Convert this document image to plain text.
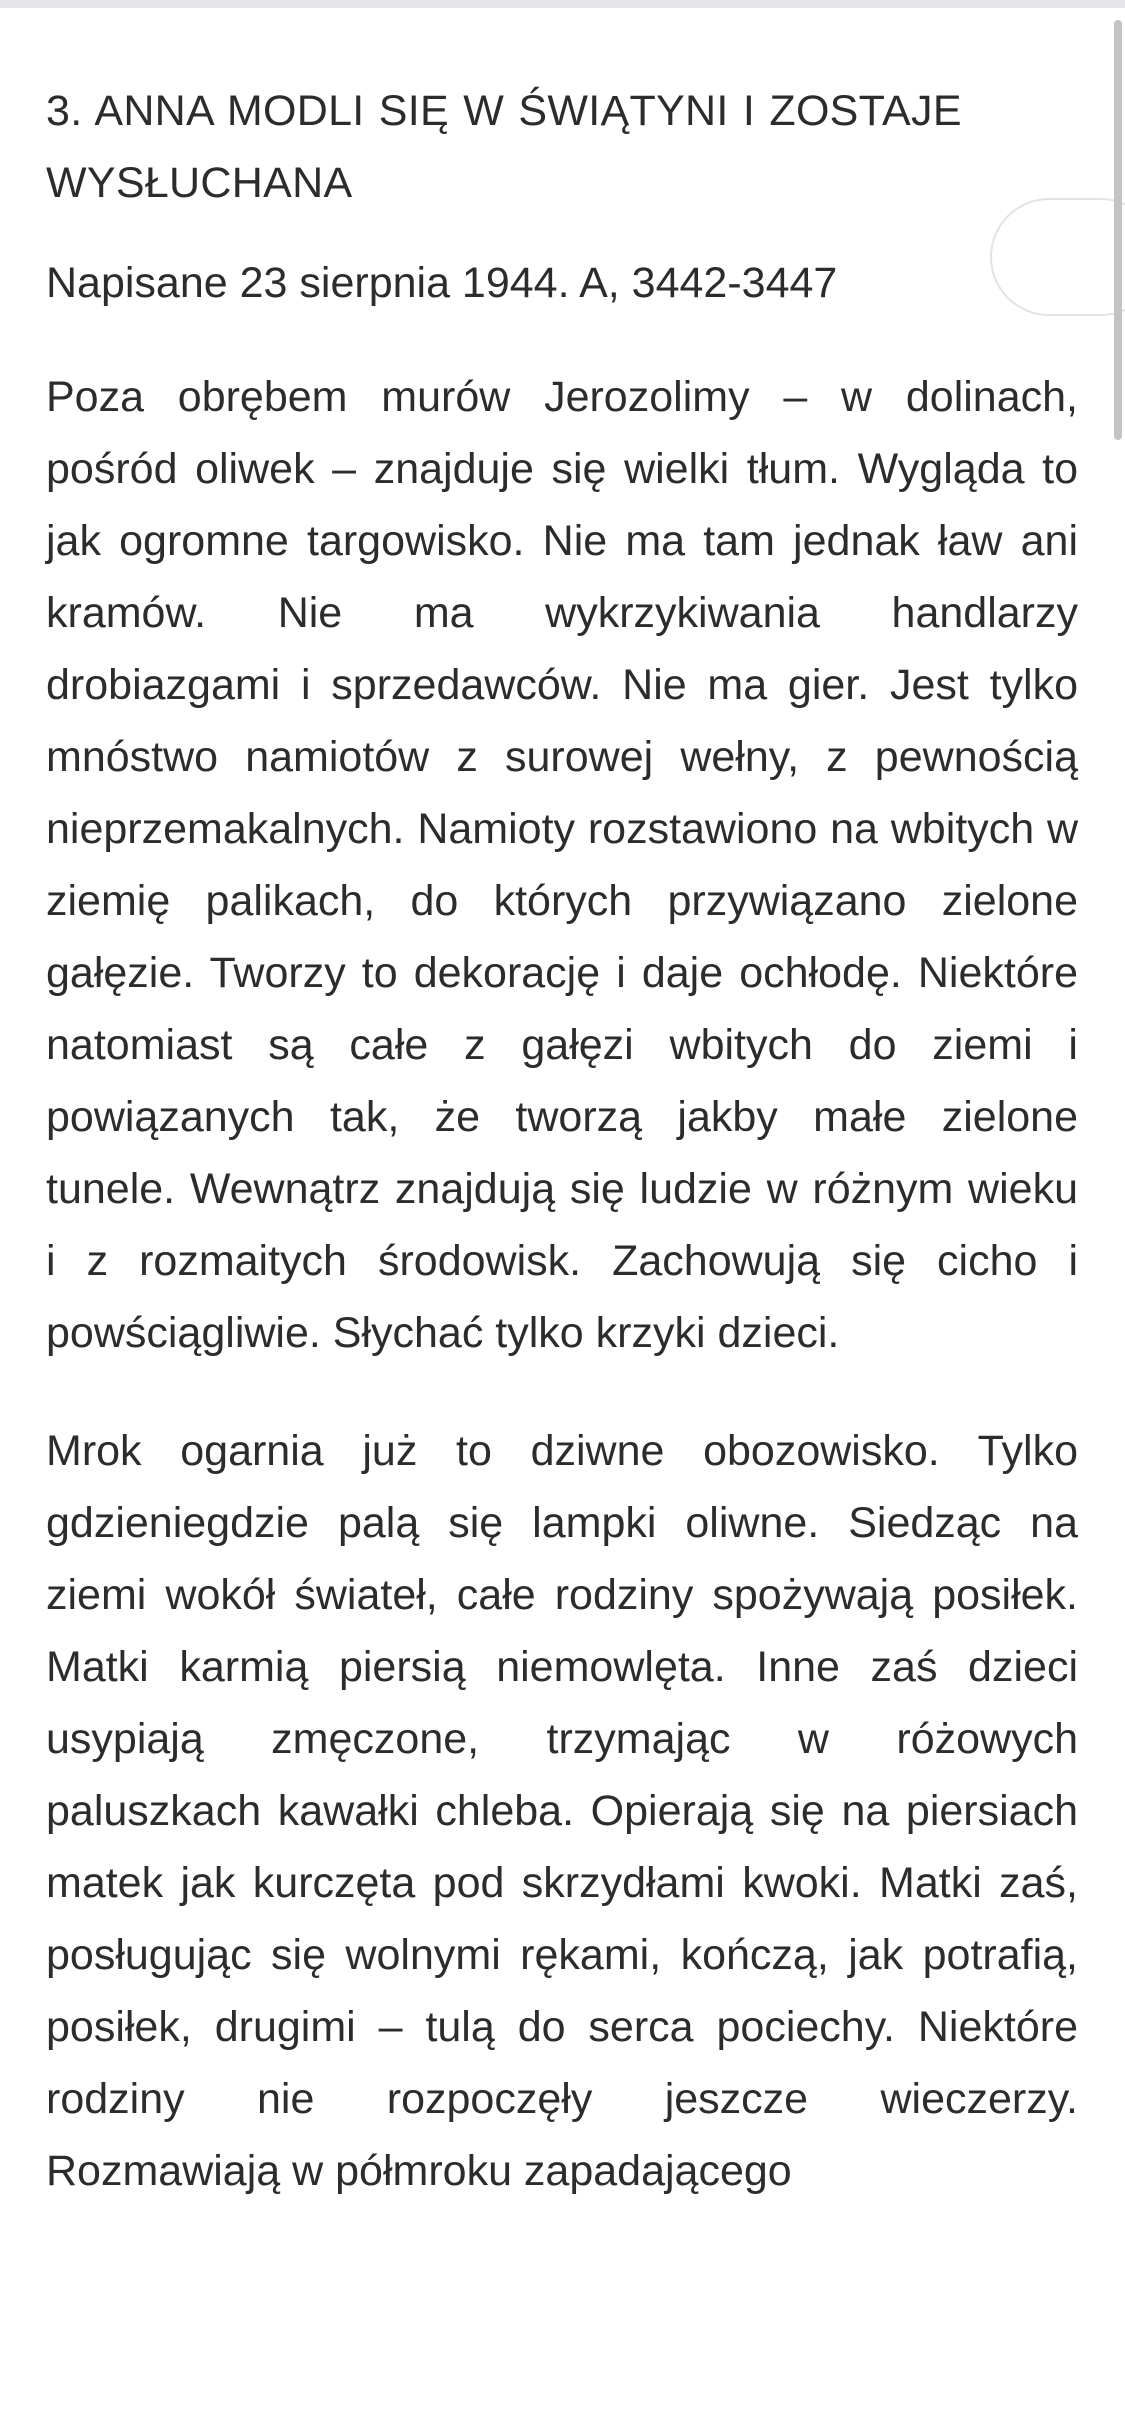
3. ANNA MODLI SIĘ W ŚWIĄTYNI I ZOSTAJE WYSŁUCHANA

Napisane 23 sierpnia 1944. A, 3442-3447

Poza obrębem murów Jerozolimy – w dolinach, pośród oliwek – znajduje się wielki tłum. Wygląda to jak ogromne targowisko. Nie ma tam jednak ław ani kramów. Nie ma wykrzykiwania handlarzy drobiazgami i sprzedawców. Nie ma gier. Jest tylko mnóstwo namiotów z surowej wełny, z pewnością nieprzemakalnych. Namioty rozstawiono na wbitych w ziemię palikach, do których przywiązano zielone gałęzie. Tworzy to dekorację i daje ochłodę. Niektóre natomiast są całe z gałęzi wbitych do ziemi i powiązanych tak, że tworzą jakby małe zielone tunele. Wewnątrz znajdują się ludzie w różnym wieku i z rozmaitych środowisk. Zachowują się cicho i powściągliwie. Słychać tylko krzyki dzieci.

Mrok ogarnia już to dziwne obozowisko. Tylko gdzieniegdzie palą się lampki oliwne. Siedząc na ziemi wokół świateł, całe rodziny spożywają posiłek. Matki karmią piersią niemowlęta. Inne zaś dzieci usypiają zmęczone, trzymając w różowych paluszkach kawałki chleba. Opierają się na piersiach matek jak kurczęta pod skrzydłami kwoki. Matki zaś, posługując się wolnymi rękami, kończą, jak potrafią, posiłek, drugimi – tulą do serca pociechy. Niektóre rodziny nie rozpoczęły jeszcze wieczerzy. Rozmawiają w półmroku zapadającego
